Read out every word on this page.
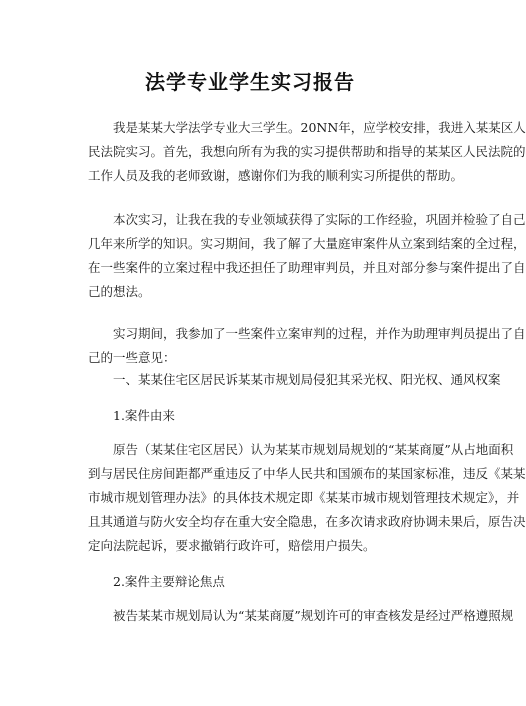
法学专业学生实习报告
我是某某大学法学专业大三学生。20NN年，应学校安排，我进入某某区人
民法院实习。首先，我想向所有为我的实习提供帮助和指导的某某区人民法院的
工作人员及我的老师致谢，感谢你们为我的顺利实习所提供的帮助。
本次实习，让我在我的专业领域获得了实际的工作经验，巩固并检验了自己
几年来所学的知识。实习期间，我了解了大量庭审案件从立案到结案的全过程，
在一些案件的立案过程中我还担任了助理审判员，并且对部分参与案件提出了自
己的想法。
实习期间，我参加了一些案件立案审判的过程，并作为助理审判员提出了自
己的一些意见：
一、某某住宅区居民诉某某市规划局侵犯其采光权、阳光权、通风权案
1.案件由来
原告（某某住宅区居民）认为某某市规划局规划的“某某商厦”从占地面积
到与居民住房间距都严重违反了中华人民共和国颁布的某国家标准，违反《某某
市城市规划管理办法》的具体技术规定即《某某市城市规划管理技术规定》，并
且其通道与防火安全均存在重大安全隐患，在多次请求政府协调未果后，原告决
定向法院起诉，要求撤销行政许可，赔偿用户损失。
2.案件主要辩论焦点
被告某某市规划局认为“某某商厦”规划许可的审查核发是经过严格遵照规
